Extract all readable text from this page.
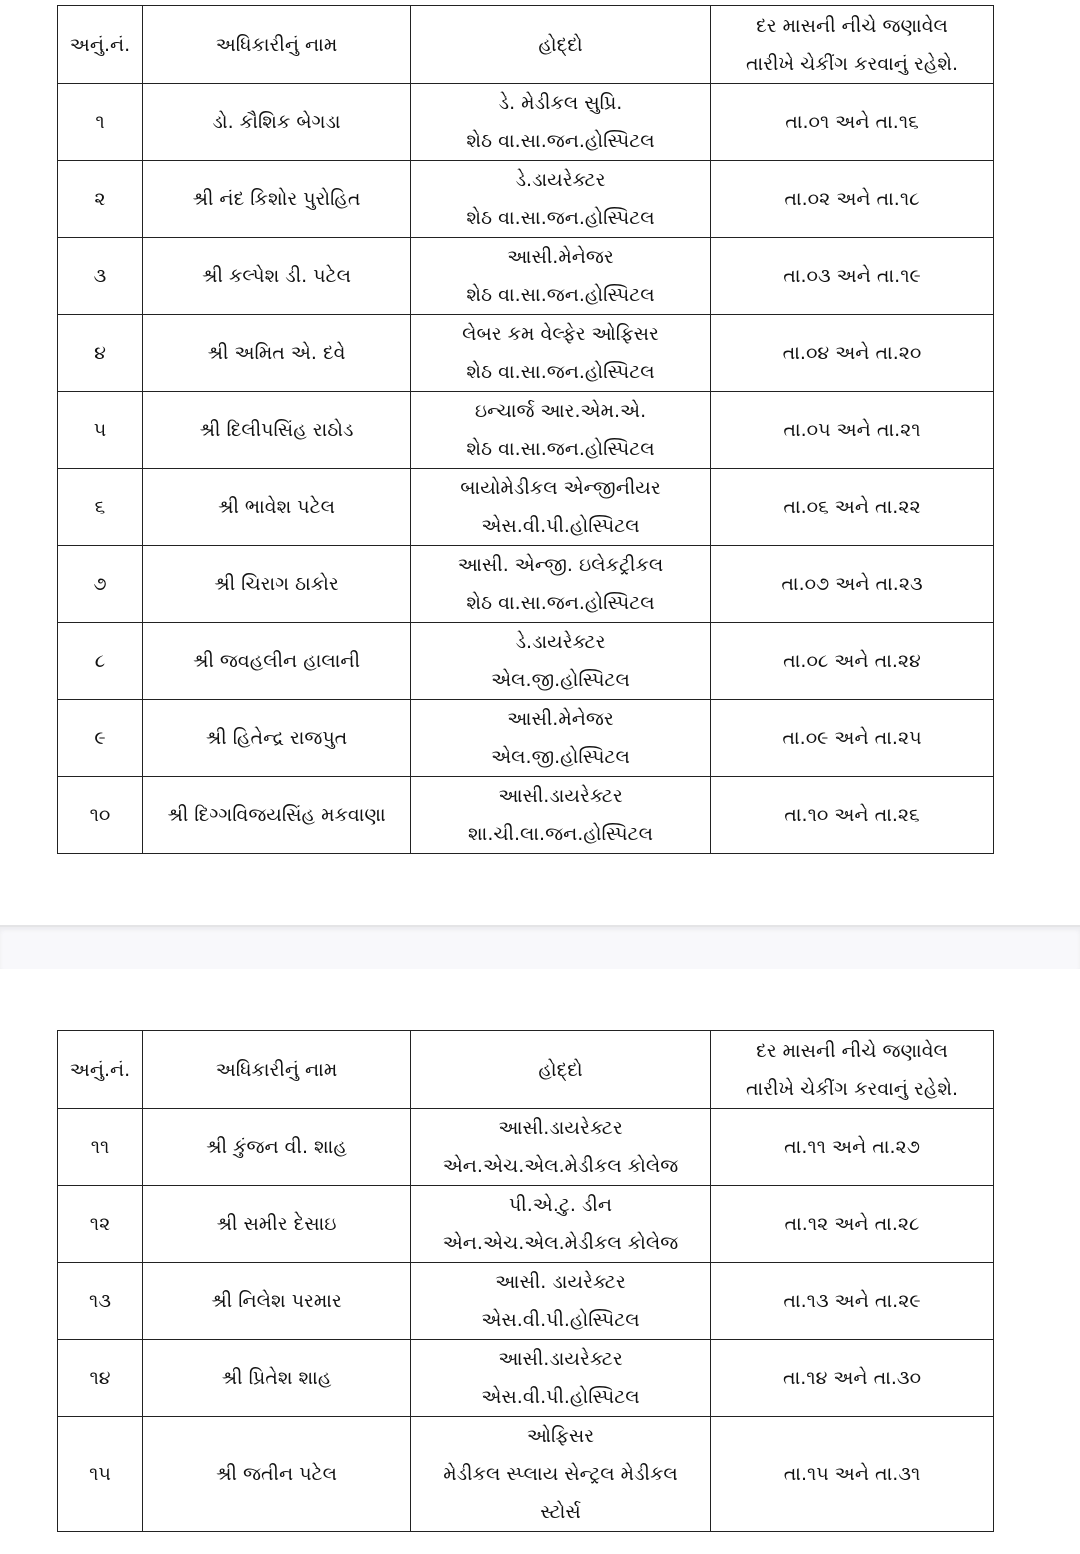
અનું.નં.	અધિકારીનું નામ	હોદ્દો	દર માસની નીચે જણાવેલ
તારીખે ચેકીંગ કરવાનું રહેશે.

૧	ડો. કૌશિક બેગડા	ડે. મેડીકલ સુપ્રિ.
શેઠ વા.સા.જન.હોસ્પિટલ	તા.૦૧ અને તા.૧૬

૨	શ્રી નંદ કિશોર પુરોહિત	ડે.ડાયરેક્ટર
શેઠ વા.સા.જન.હોસ્પિટલ	તા.૦૨ અને તા.૧૮

૩	શ્રી કલ્પેશ ડી. પટેલ	આસી.મેનેજર
શેઠ વા.સા.જન.હોસ્પિટલ	તા.૦૩ અને તા.૧૯

૪	શ્રી અમિત એ. દવે	લેબર કમ વેલ્ફેર ઓફિસર
શેઠ વા.સા.જન.હોસ્પિટલ	તા.૦૪ અને તા.૨૦

૫	શ્રી દિલીપસિંહ રાઠોડ	ઇન્ચાર્જ આર.એમ.એ.
શેઠ વા.સા.જન.હોસ્પિટલ	તા.૦૫ અને તા.૨૧

૬	શ્રી ભાવેશ પટેલ	બાયોમેડીકલ એન્જીનીયર
એસ.વી.પી.હોસ્પિટલ	તા.૦૬ અને તા.૨૨

૭	શ્રી ચિરાગ ઠાકોર	આસી. એન્જી. ઇલેકટ્રીકલ
શેઠ વા.સા.જન.હોસ્પિટલ	તા.૦૭ અને તા.૨૩

૮	શ્રી જવહલીન હાલાની	ડે.ડાયરેક્ટર
એલ.જી.હોસ્પિટલ	તા.૦૮ અને તા.૨૪

૯	શ્રી હિતેન્દ્ર રાજપુત	આસી.મેનેજર
એલ.જી.હોસ્પિટલ	તા.૦૯ અને તા.૨૫

૧૦	શ્રી દિગ્ગવિજયસિંહ મકવાણા	આસી.ડાયરેક્ટર
શા.ચી.લા.જન.હોસ્પિટલ	તા.૧૦ અને તા.૨૬
અનું.નં.	અધિકારીનું નામ	હોદ્દો	દર માસની નીચે જણાવેલ
તારીખે ચેકીંગ કરવાનું રહેશે.

૧૧	શ્રી કુંજન વી. શાહ	આસી.ડાયરેક્ટર
એન.એચ.એલ.મેડીકલ કોલેજ	તા.૧૧ અને તા.૨૭

૧૨	શ્રી સમીર દેસાઇ	પી.એ.ટુ. ડીન
એન.એચ.એલ.મેડીકલ કોલેજ	તા.૧૨ અને તા.૨૮

૧૩	શ્રી નિલેશ પરમાર	આસી. ડાયરેક્ટર
એસ.વી.પી.હોસ્પિટલ	તા.૧૩ અને તા.૨૯

૧૪	શ્રી પ્રિતેશ શાહ	આસી.ડાયરેક્ટર
એસ.વી.પી.હોસ્પિટલ	તા.૧૪ અને તા.૩૦

૧૫	શ્રી જતીન પટેલ	ઓફિસર
મેડીકલ સ્પ્લાય સેન્ટ્રલ મેડીકલ
સ્ટોર્સ	તા.૧૫ અને તા.૩૧
